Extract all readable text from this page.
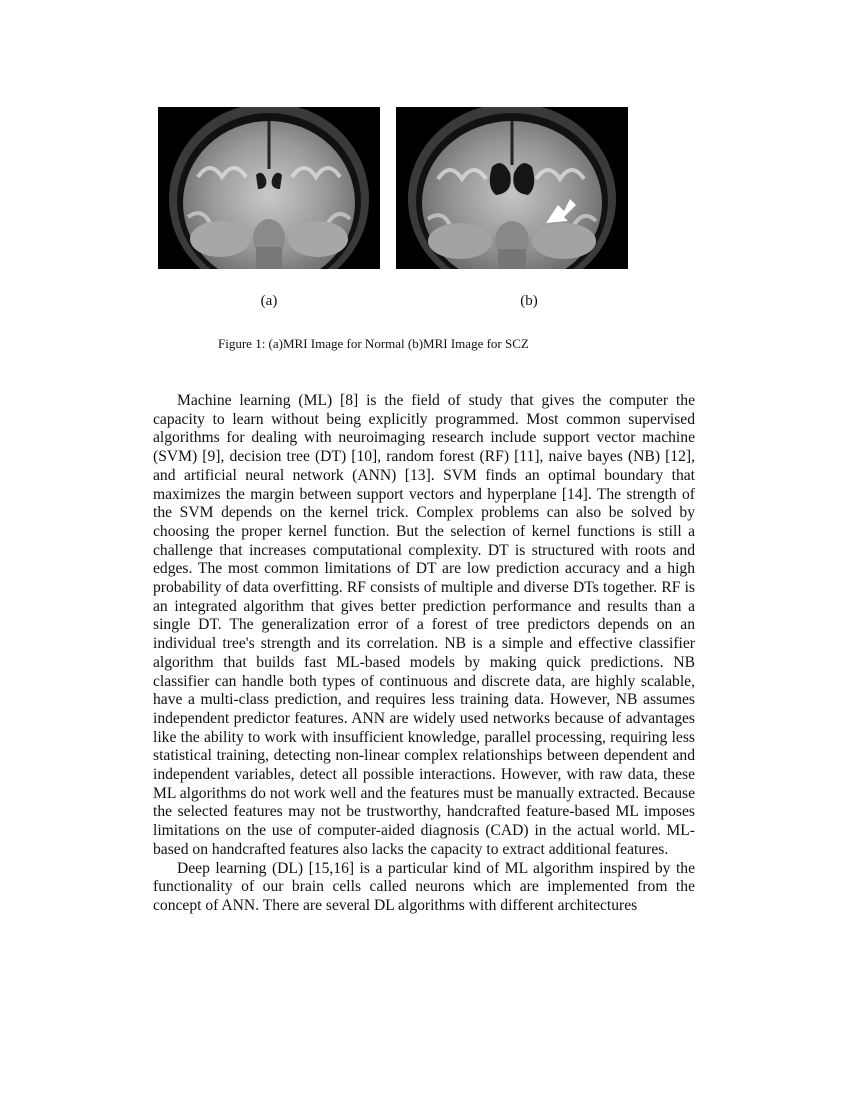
(a)	(b)
Figure 1: (a)MRI Image for Normal (b)MRI Image for SCZ

Machine learning (ML) [8] is the field of study that gives the computer the capacity to learn without being explicitly programmed. Most common supervised algorithms for dealing with neuroimaging research include support vector machine (SVM) [9], decision tree (DT) [10], random forest (RF) [11], naive bayes (NB) [12], and artificial neural network (ANN) [13]. SVM finds an optimal boundary that maximizes the margin between support vectors and hyperplane [14]. The strength of the SVM depends on the kernel trick. Complex problems can also be solved by choosing the proper kernel function. But the selection of kernel functions is still a challenge that increases computational complexity. DT is structured with roots and edges. The most common limitations of DT are low prediction accuracy and a high probability of data overfitting. RF consists of multiple and diverse DTs together. RF is an integrated algorithm that gives better prediction performance and results than a single DT. The generalization error of a forest of tree predictors depends on an individual tree's strength and its correlation. NB is a simple and effective classifier algorithm that builds fast ML-based models by making quick predictions. NB classifier can handle both types of continuous and discrete data, are highly scalable, have a multi-class prediction, and requires less training data. However, NB assumes independent predictor features. ANN are widely used networks because of advantages like the ability to work with insufficient knowledge, parallel processing, requiring less statistical training, detecting non-linear complex relationships between dependent and independent variables, detect all possible interactions. However, with raw data, these ML algorithms do not work well and the features must be manually extracted. Because the selected features may not be trustworthy, handcrafted feature-based ML imposes limitations on the use of computer-aided diagnosis (CAD) in the actual world. ML-based on handcrafted features also lacks the capacity to extract additional features.

Deep learning (DL) [15,16] is a particular kind of ML algorithm inspired by the functionality of our brain cells called neurons which are implemented from the concept of ANN. There are several DL algorithms with different architectures
